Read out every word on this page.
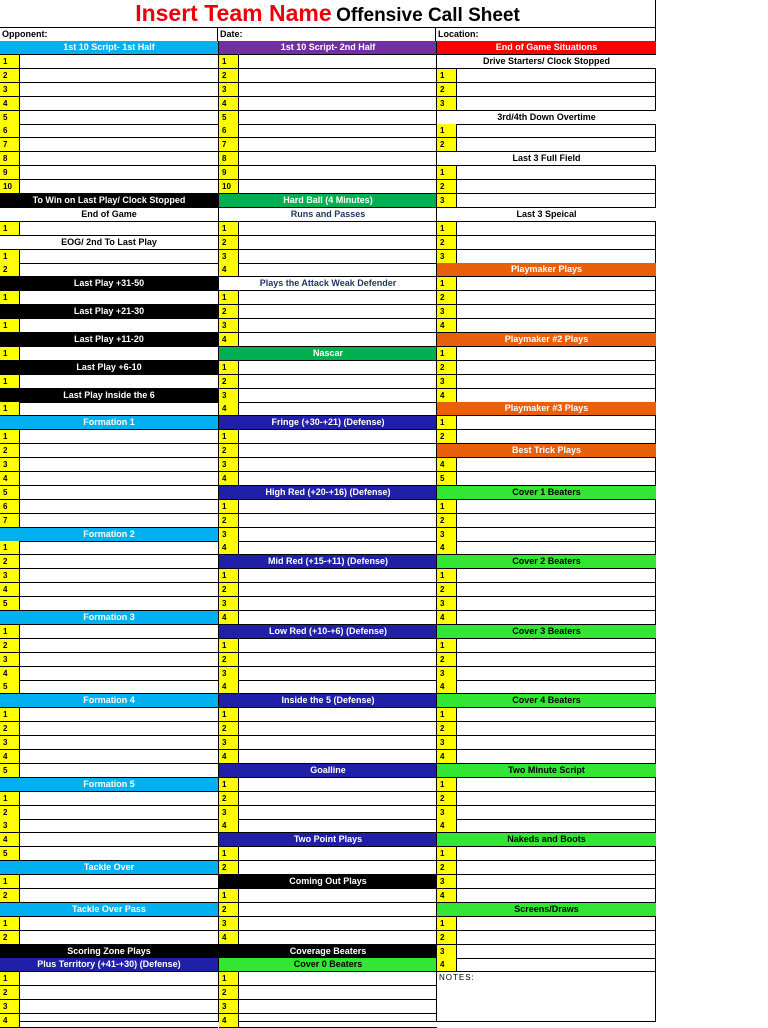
Insert Team Name Offensive Call Sheet
Opponent:	Date:	Location:
1st 10 Script- 1st Half
1
2
3
4
5
6
7
8
9
10
To Win on Last Play/ Clock Stopped
End of Game
1
EOG/ 2nd To Last Play
1
2
Last Play +31-50
1
Last Play +21-30
1
Last Play +11-20
1
Last Play +6-10
1
Last Play Inside the 6
1
Formation 1
1
2
3
4
5
6
7
Formation 2
1
2
3
4
5
Formation 3
1
2
3
4
5
Formation 4
1
2
3
4
5
Formation 5
1
2
3
4
5
Tackle Over
1
2
Tackle Over Pass
1
2
Scoring Zone Plays
Plus Territory (+41-+30) (Defense)
1
2
3
4
1st 10 Script- 2nd Half
1
2
3
4
5
6
7
8
9
10
Hard Ball (4 Minutes)
Runs and Passes
1
2
3
4
Plays the Attack Weak Defender
1
2
3
4
Nascar
1
2
3
4
Fringe (+30-+21) (Defense)
1
2
3
4
High Red (+20-+16) (Defense)
1
2
3
4
Mid Red (+15-+11) (Defense)
1
2
3
4
Low Red (+10-+6) (Defense)
1
2
3
4
Inside the 5 (Defense)
1
2
3
4
Goalline
1
2
3
4
Two Point Plays
1
2
Coming Out Plays
1
2
3
4
Coverage Beaters
Cover 0 Beaters
1
2
3
4
NOTES:
End of Game Situations
Drive Starters/ Clock Stopped
1
2
3
3rd/4th Down Overtime
1
2
Last 3 Full Field
1
2
3
Last 3 Speical
1
2
3
Playmaker Plays
1
2
3
4
Playmaker #2 Plays
1
2
3
4
Playmaker #3 Plays
1
2
Best Trick Plays
4
5
Cover 1 Beaters
1
2
3
4
Cover 2 Beaters
1
2
3
4
Cover 3 Beaters
1
2
3
4
Cover 4 Beaters
1
2
3
4
Two Minute Script
1
2
3
4
Nakeds and Boots
1
2
3
4
Screens/Draws
1
2
3
4
